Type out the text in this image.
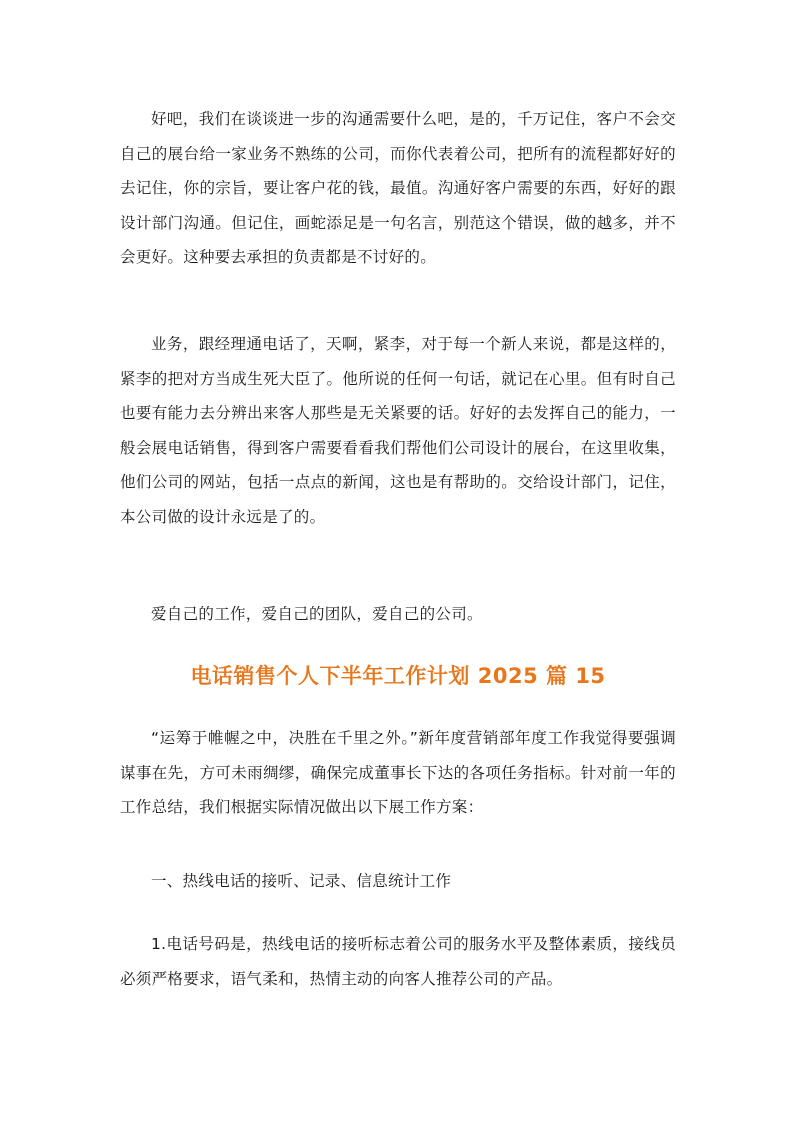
好吧，我们在谈谈进一步的沟通需要什么吧，是的，千万记住，客户不会交自己的展台给一家业务不熟练的公司，而你代表着公司，把所有的流程都好好的去记住，你的宗旨，要让客户花的钱，最值。沟通好客户需要的东西，好好的跟设计部门沟通。但记住，画蛇添足是一句名言，别范这个错误，做的越多，并不会更好。这种要去承担的负责都是不讨好的。

业务，跟经理通电话了，天啊，紧李，对于每一个新人来说，都是这样的，紧李的把对方当成生死大臣了。他所说的任何一句话，就记在心里。但有时自己也要有能力去分辨出来客人那些是无关紧要的话。好好的去发挥自己的能力，一般会展电话销售，得到客户需要看看我们帮他们公司设计的展台，在这里收集，他们公司的网站，包括一点点的新闻，这也是有帮助的。交给设计部门，记住，本公司做的设计永远是了的。

爱自己的工作，爱自己的团队，爱自己的公司。

电话销售个人下半年工作计划 2025 篇 15

“运筹于帷幄之中，决胜在千里之外。”新年度营销部年度工作我觉得要强调谋事在先，方可未雨绸缪，确保完成董事长下达的各项任务指标。针对前一年的工作总结，我们根据实际情况做出以下展工作方案：

一、热线电话的接听、记录、信息统计工作

1.电话号码是，热线电话的接听标志着公司的服务水平及整体素质，接线员必须严格要求，语气柔和，热情主动的向客人推荐公司的产品。
